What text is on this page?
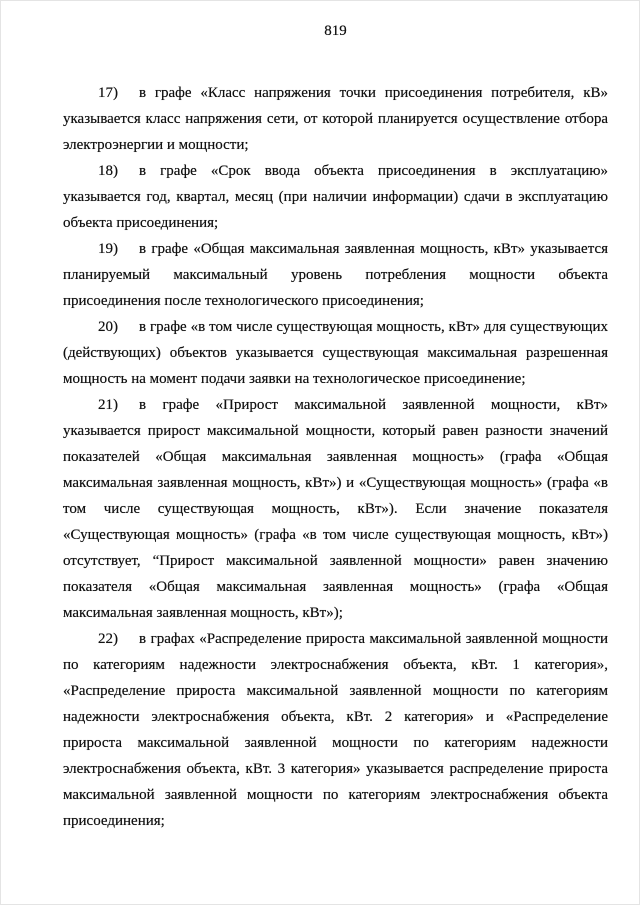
819
17)	в графе «Класс напряжения точки присоединения потребителя, кВ»
указывается класс напряжения сети, от которой планируется осуществление отбора
электроэнергии и мощности;
18)	в графе «Срок ввода объекта присоединения в эксплуатацию»
указывается год, квартал, месяц (при наличии информации) сдачи в эксплуатацию
объекта присоединения;
19)	в графе «Общая максимальная заявленная мощность, кВт» указывается
планируемый максимальный уровень потребления мощности объекта
присоединения после технологического присоединения;
20)	в графе «в том числе существующая мощность, кВт» для существующих
(действующих) объектов указывается существующая максимальная разрешенная
мощность на момент подачи заявки на технологическое присоединение;
21)	в графе «Прирост максимальной заявленной мощности, кВт»
указывается прирост максимальной мощности, который равен разности значений
показателей «Общая максимальная заявленная мощность» (графа «Общая
максимальная заявленная мощность, кВт») и «Существующая мощность» (графа «в
том числе существующая мощность, кВт»). Если значение показателя
«Существующая мощность» (графа «в том числе существующая мощность, кВт»)
отсутствует, “Прирост максимальной заявленной мощности» равен значению
показателя «Общая максимальная заявленная мощность» (графа «Общая
максимальная заявленная мощность, кВт»);
22)	в графах «Распределение прироста максимальной заявленной мощности
по категориям надежности электроснабжения объекта, кВт. 1 категория»,
«Распределение прироста максимальной заявленной мощности по категориям
надежности электроснабжения объекта, кВт. 2 категория» и «Распределение
прироста максимальной заявленной мощности по категориям надежности
электроснабжения объекта, кВт. 3 категория» указывается распределение прироста
максимальной заявленной мощности по категориям электроснабжения объекта
присоединения;
